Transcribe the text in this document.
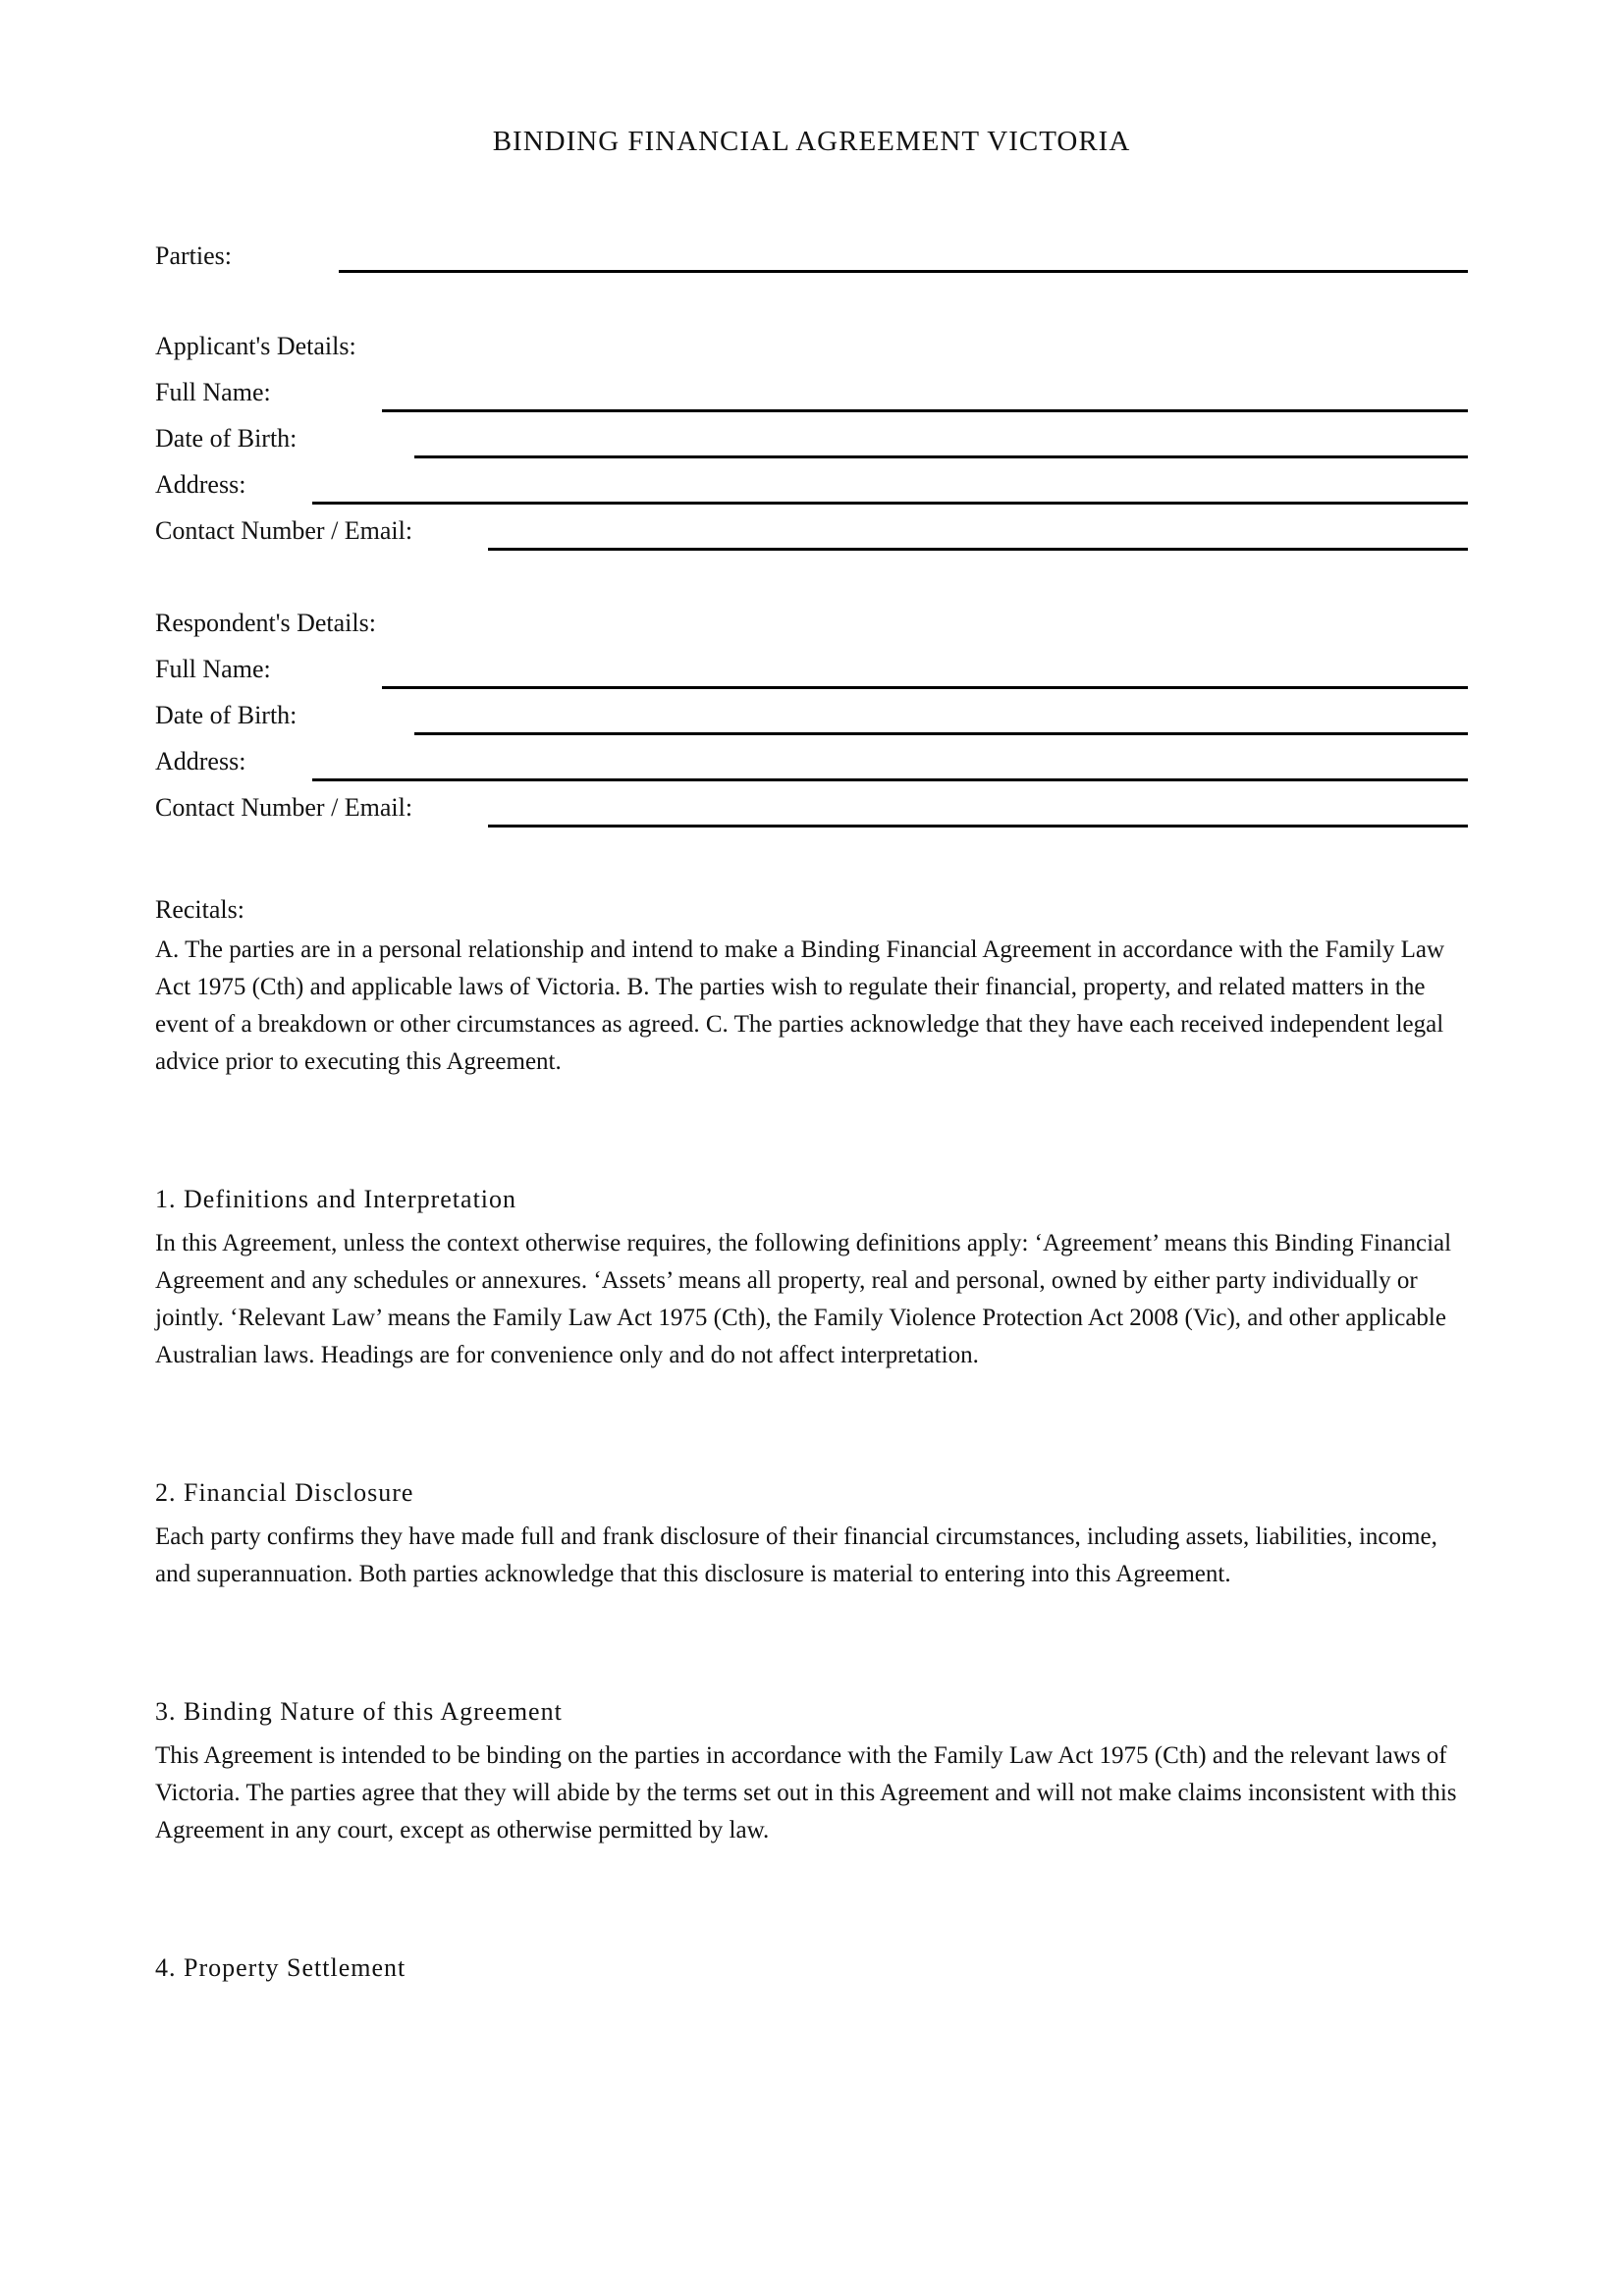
BINDING FINANCIAL AGREEMENT VICTORIA
Parties:
Applicant's Details:
Full Name:
Date of Birth:
Address:
Contact Number / Email:
Respondent's Details:
Full Name:
Date of Birth:
Address:
Contact Number / Email:
Recitals:

A. The parties are in a personal relationship and intend to make a Binding Financial Agreement in accordance with the Family Law Act 1975 (Cth) and applicable laws of Victoria. B. The parties wish to regulate their financial, property, and related matters in the event of a breakdown or other circumstances as agreed. C. The parties acknowledge that they have each received independent legal advice prior to executing this Agreement.

1. Definitions and Interpretation

In this Agreement, unless the context otherwise requires, the following definitions apply: ‘Agreement’ means this Binding Financial Agreement and any schedules or annexures. ‘Assets’ means all property, real and personal, owned by either party individually or jointly. ‘Relevant Law’ means the Family Law Act 1975 (Cth), the Family Violence Protection Act 2008 (Vic), and other applicable Australian laws. Headings are for convenience only and do not affect interpretation.

2. Financial Disclosure

Each party confirms they have made full and frank disclosure of their financial circumstances, including assets, liabilities, income, and superannuation. Both parties acknowledge that this disclosure is material to entering into this Agreement.

3. Binding Nature of this Agreement

This Agreement is intended to be binding on the parties in accordance with the Family Law Act 1975 (Cth) and the relevant laws of Victoria. The parties agree that they will abide by the terms set out in this Agreement and will not make claims inconsistent with this Agreement in any court, except as otherwise permitted by law.

4. Property Settlement
